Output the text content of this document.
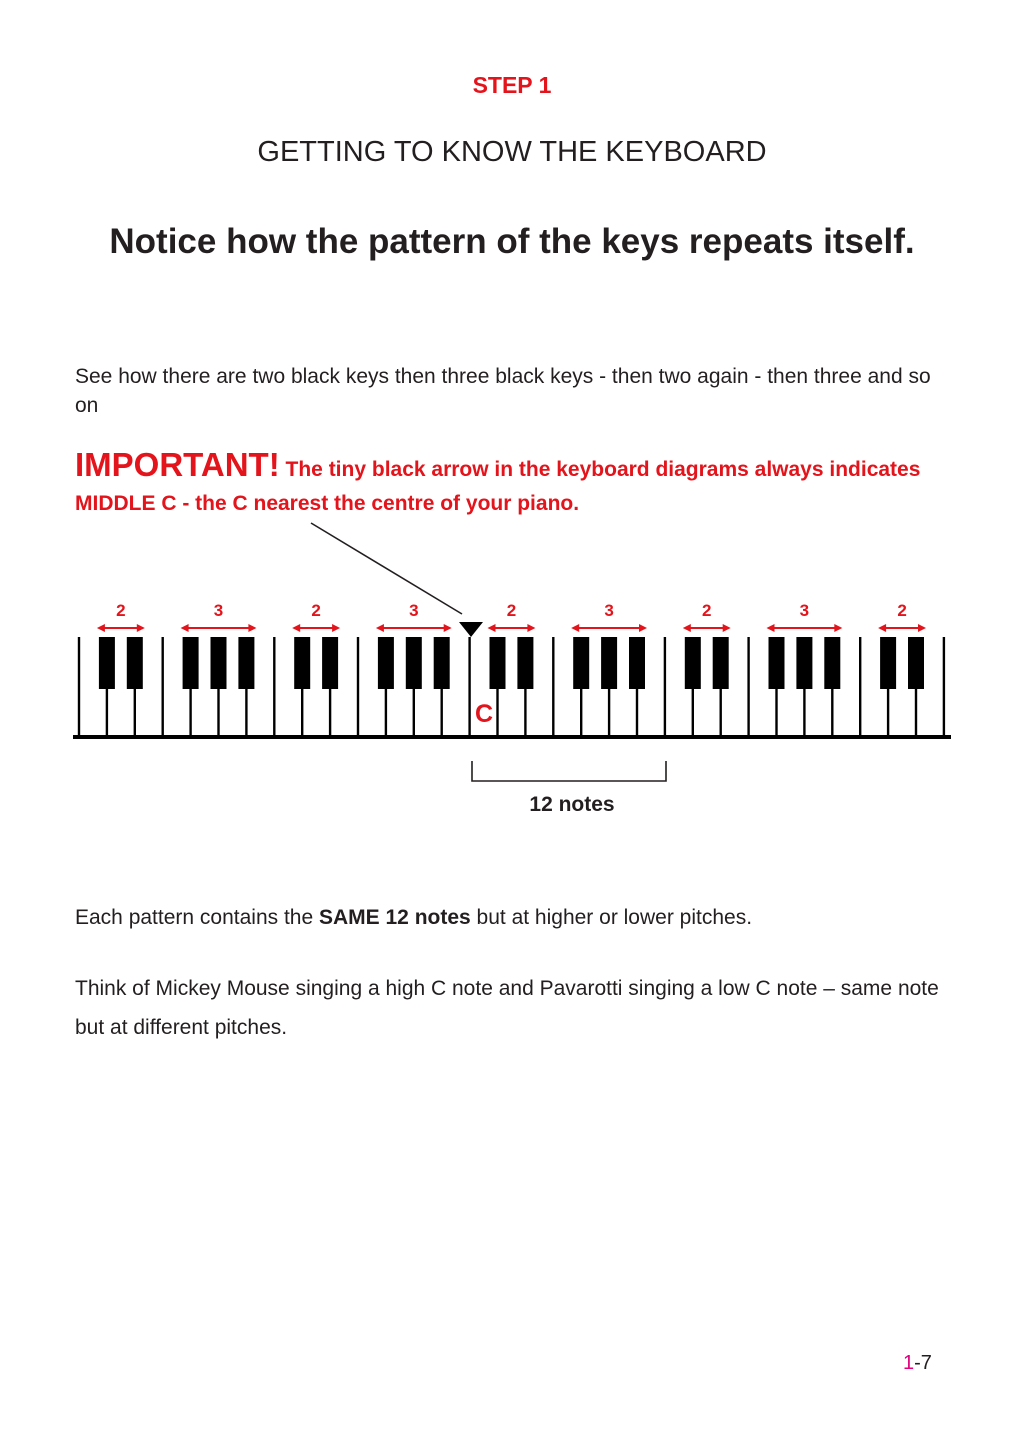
STEP 1
GETTING TO KNOW THE KEYBOARD
Notice how the pattern of the keys repeats itself.
See how there are two black keys then three black keys - then two again - then three and so on
IMPORTANT! The tiny black arrow in the keyboard diagrams always indicates MIDDLE C - the C nearest the centre of your piano.
2	3	2	3	2	3	2	3	2
C
12 notes
Each pattern contains the SAME 12 notes but at higher or lower pitches.
Think of Mickey Mouse singing a high C note and Pavarotti singing a low C note – same note but at different pitches.
1-7
